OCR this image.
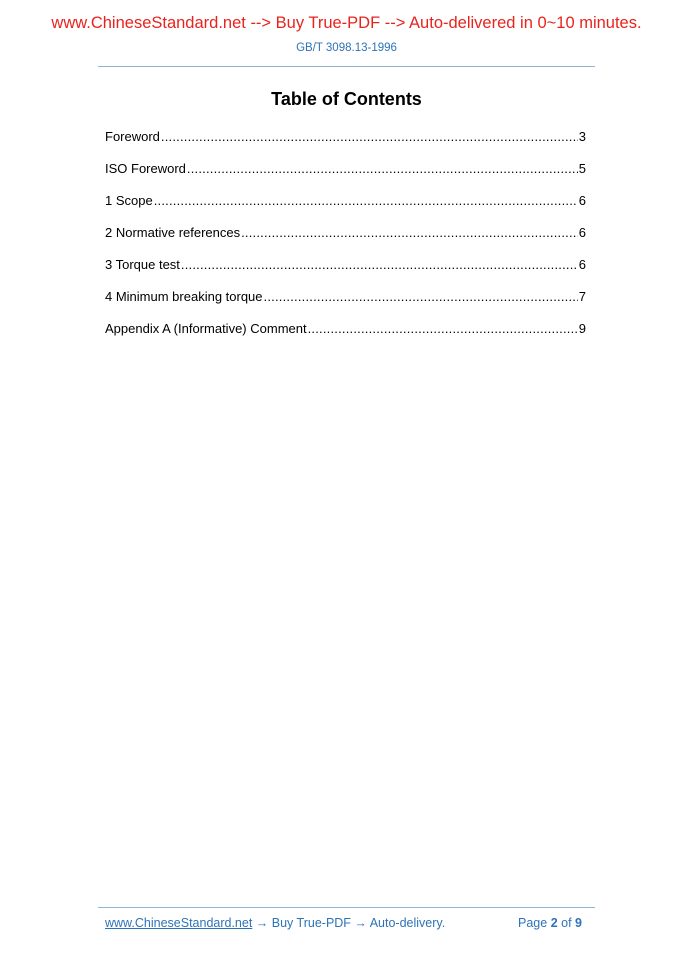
www.ChineseStandard.net --> Buy True-PDF --> Auto-delivered in 0~10 minutes.
GB/T 3098.13-1996
Table of Contents
Foreword .....	3
ISO Foreword .....	5
1 Scope .....	6
2 Normative references .....	6
3 Torque test .....	6
4 Minimum breaking torque .....	7
Appendix A (Informative) Comment .....	9
www.ChineseStandard.net → Buy True-PDF → Auto-delivery.	Page 2 of 9
